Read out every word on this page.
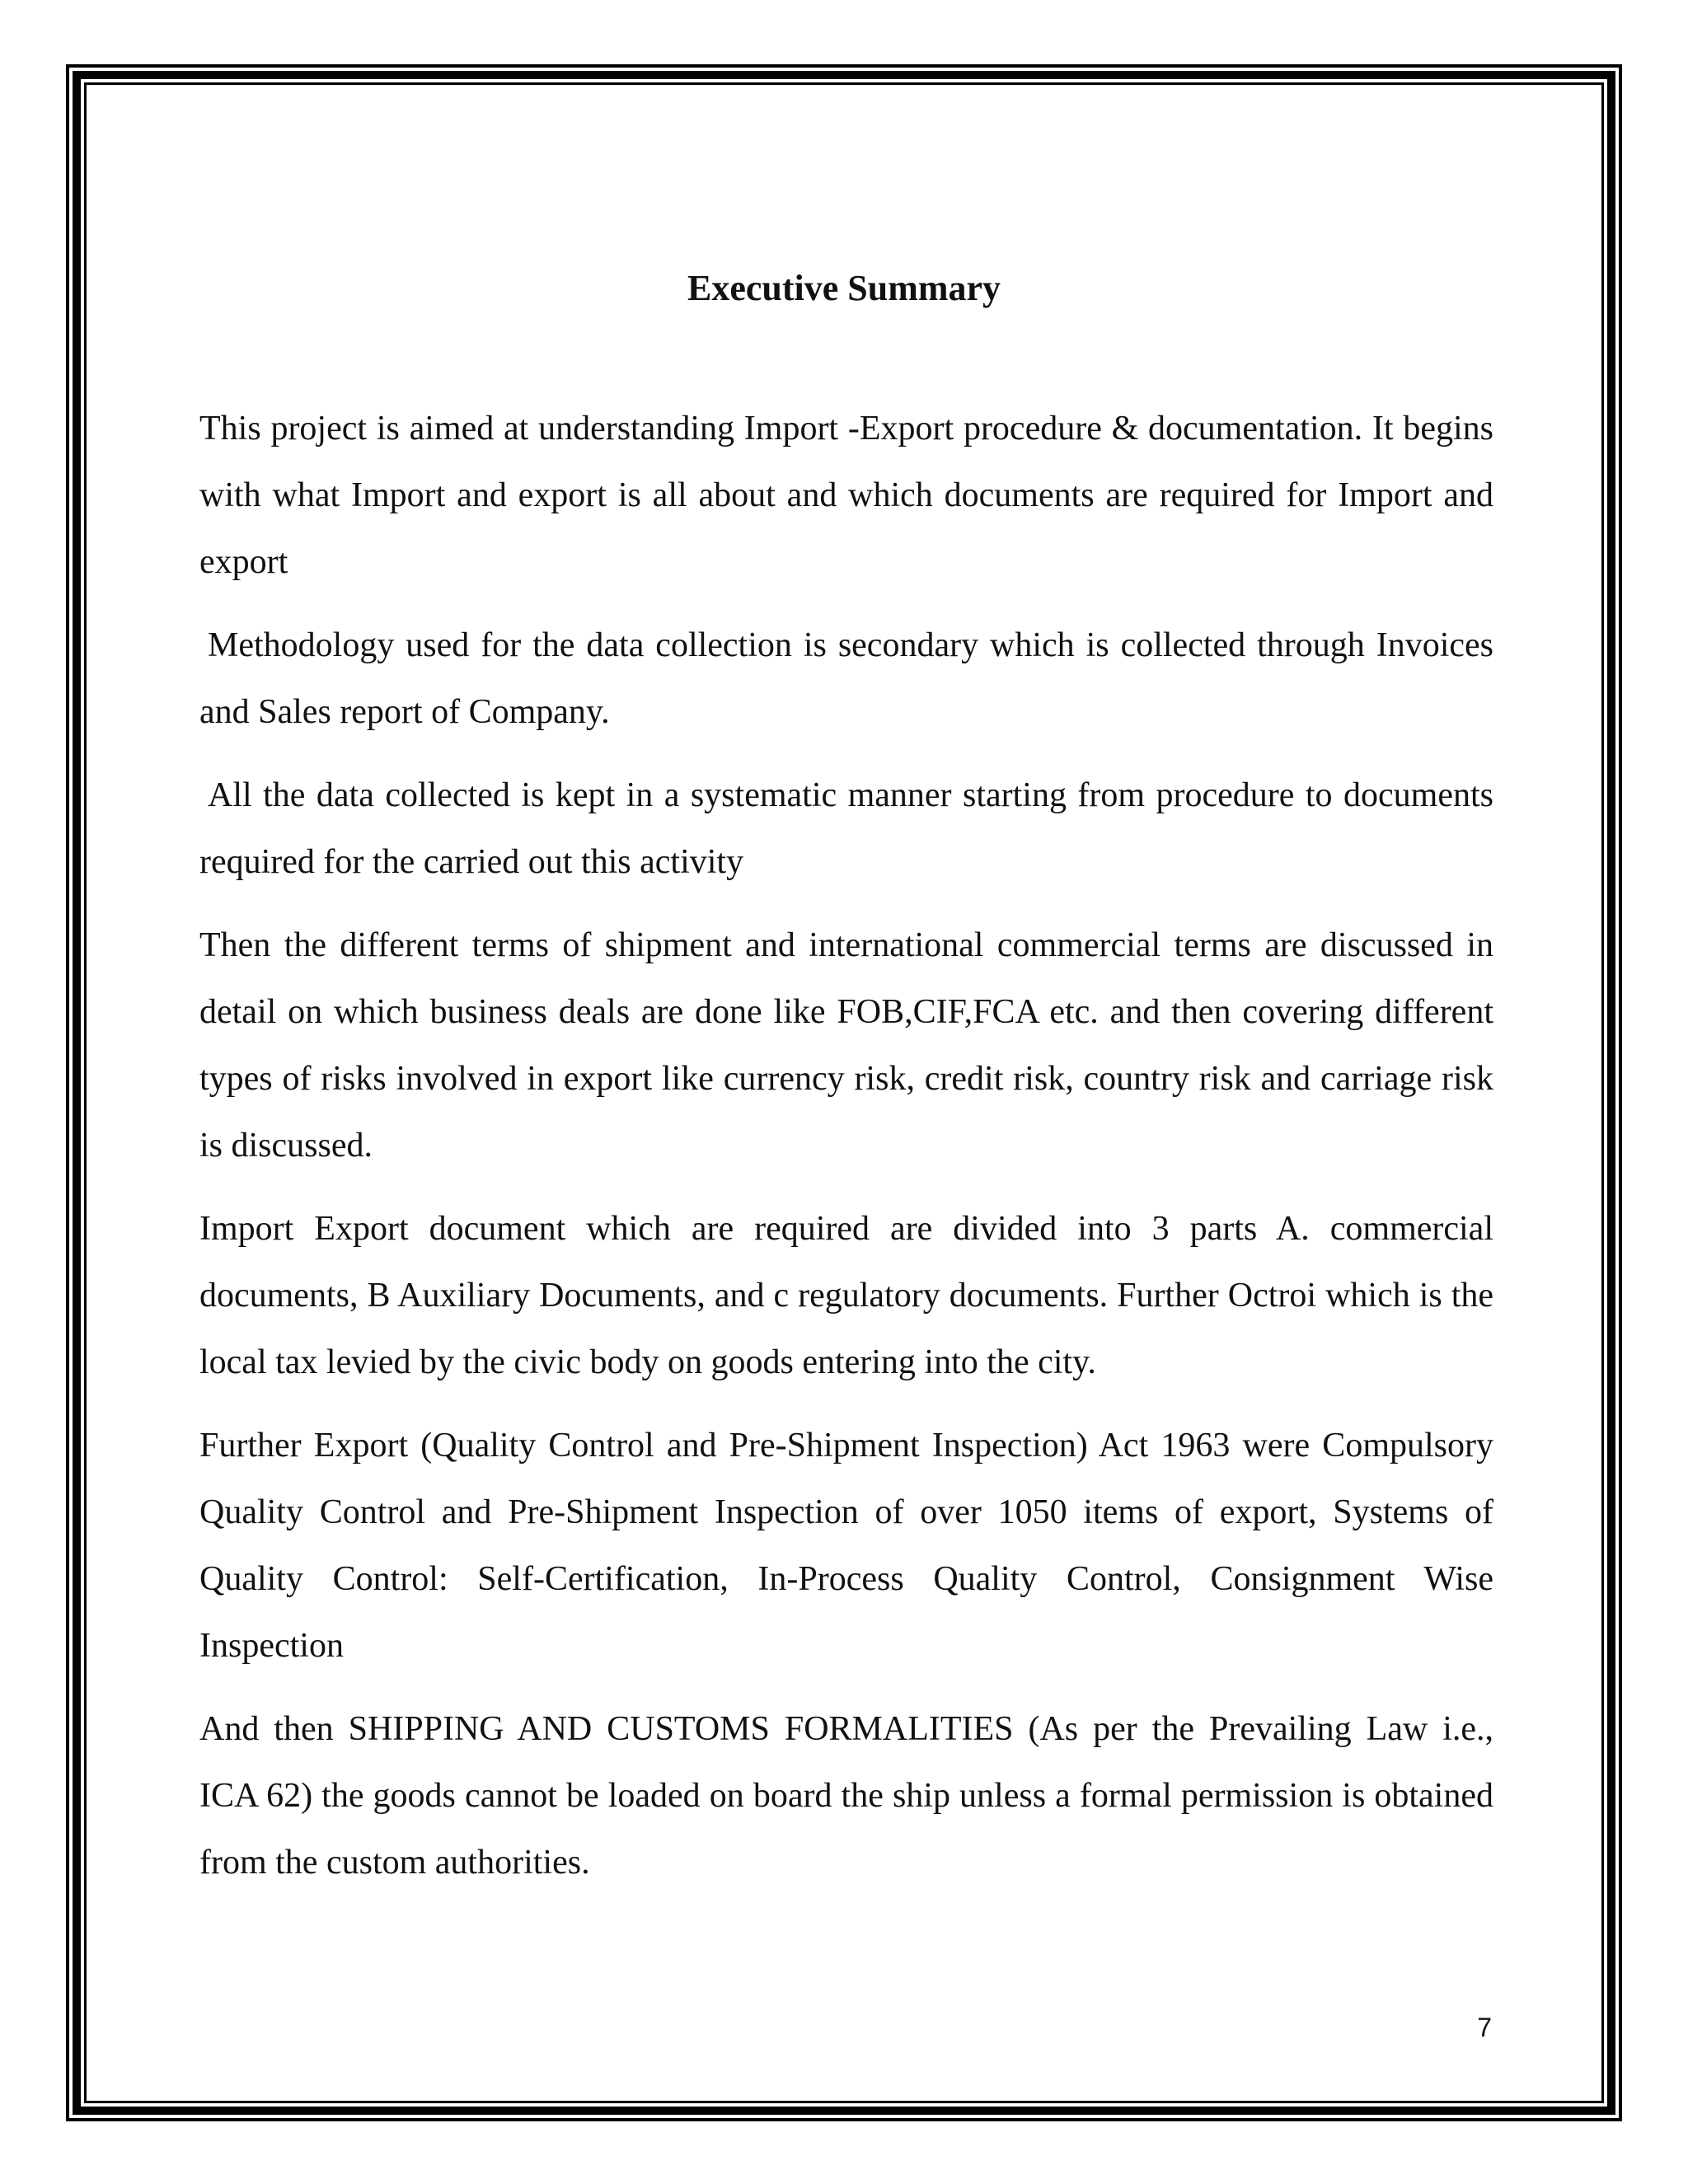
Executive Summary

This project is aimed at understanding Import -Export procedure & documentation. It begins with what Import and export is all about and which documents are required for Import and export

Methodology used for the data collection is secondary which is collected through Invoices and Sales report of Company.

All the data collected is kept in a systematic manner starting from procedure to documents required for the carried out this activity

Then the different terms of shipment and international commercial terms are discussed in detail on which business deals are done like FOB,CIF,FCA etc. and then covering different types of risks involved in export like currency risk, credit risk, country risk and carriage risk is discussed.

Import Export document which are required are divided into 3 parts A. commercial documents, B Auxiliary Documents, and c regulatory documents. Further Octroi which is the local tax levied by the civic body on goods entering into the city.

Further Export (Quality Control and Pre-Shipment Inspection) Act 1963 were Compulsory Quality Control and Pre-Shipment Inspection of over 1050 items of export, Systems of Quality Control: Self-Certification, In-Process Quality Control, Consignment Wise Inspection

And then SHIPPING AND CUSTOMS FORMALITIES (As per the Prevailing Law i.e., ICA 62) the goods cannot be loaded on board the ship unless a formal permission is obtained from the custom authorities.

7
